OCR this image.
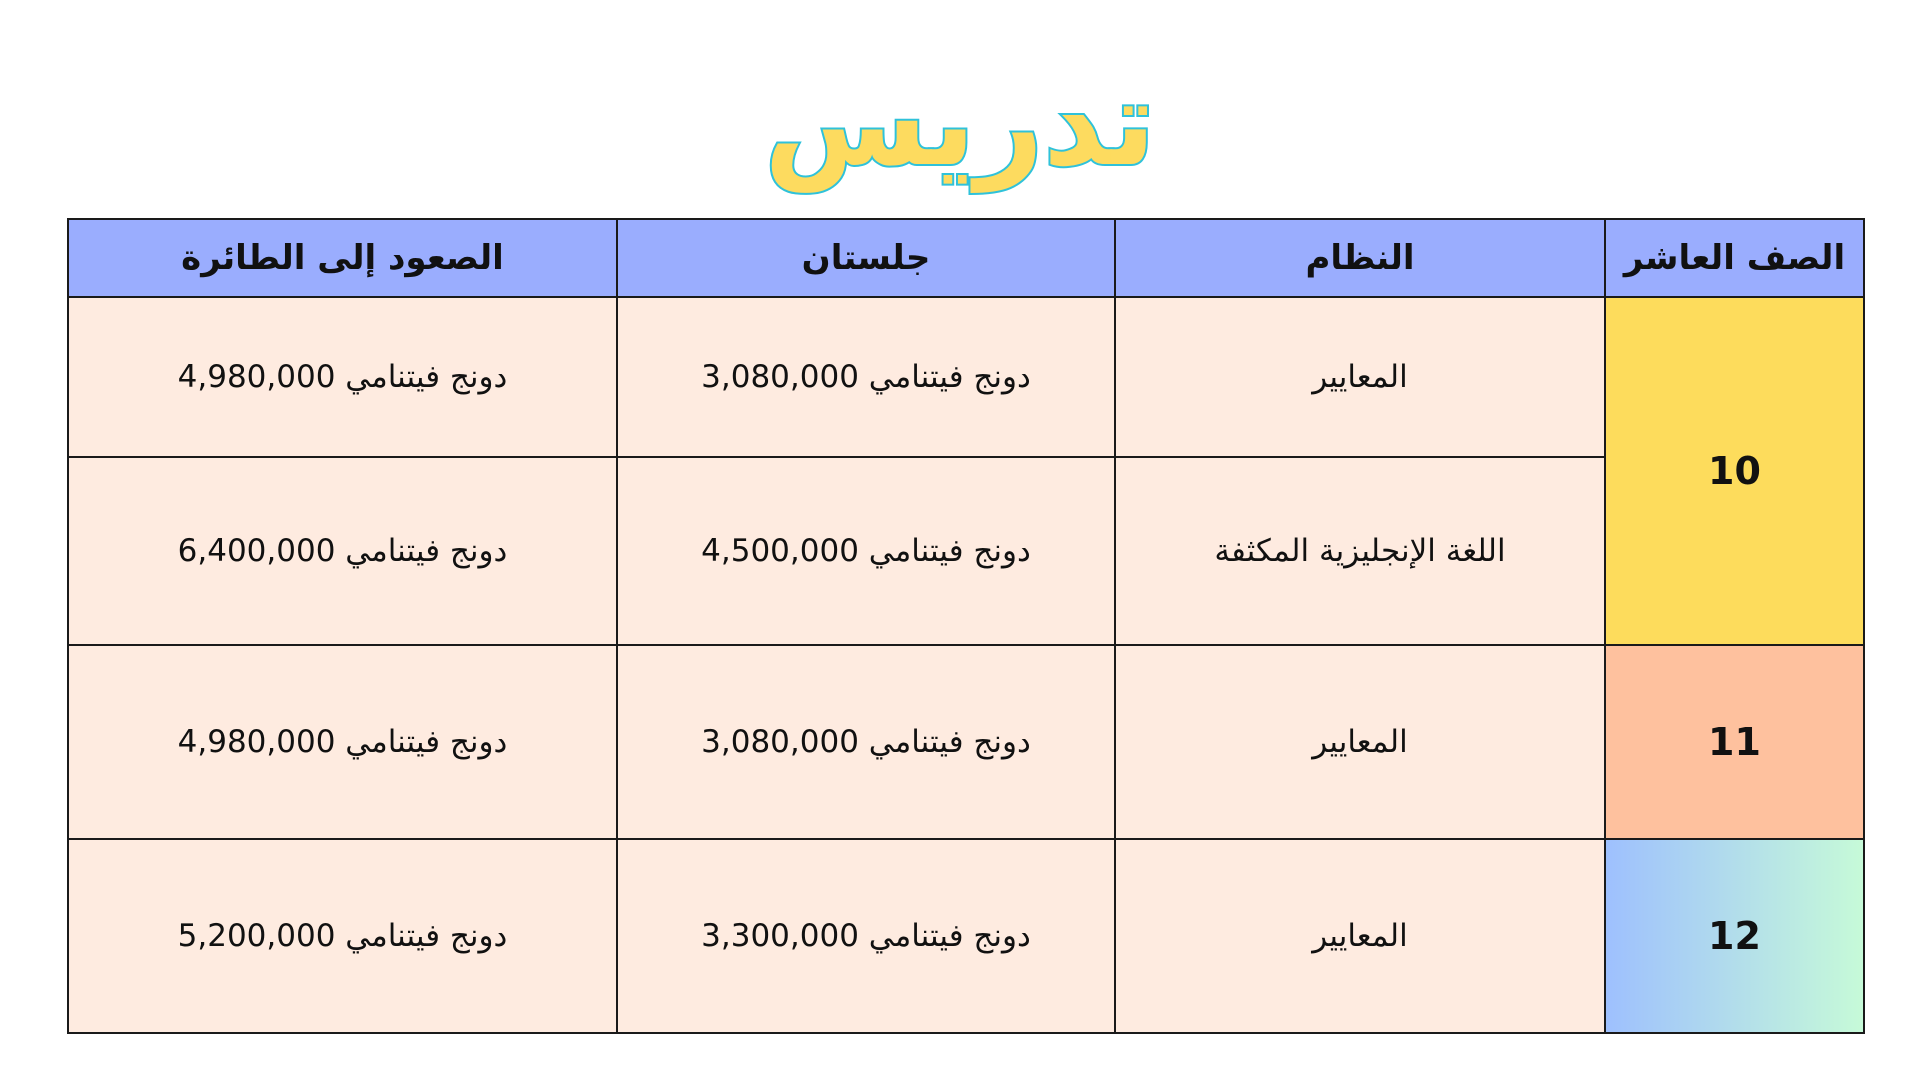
تدريس
الصف العاشر	النظام	جلستان	الصعود إلى الطائرة
10	المعايير	دونج فيتنامي 3,080,000	دونج فيتنامي 4,980,000
	اللغة الإنجليزية المكثفة	دونج فيتنامي 4,500,000	دونج فيتنامي 6,400,000
11	المعايير	دونج فيتنامي 3,080,000	دونج فيتنامي 4,980,000
12	المعايير	دونج فيتنامي 3,300,000	دونج فيتنامي 5,200,000
